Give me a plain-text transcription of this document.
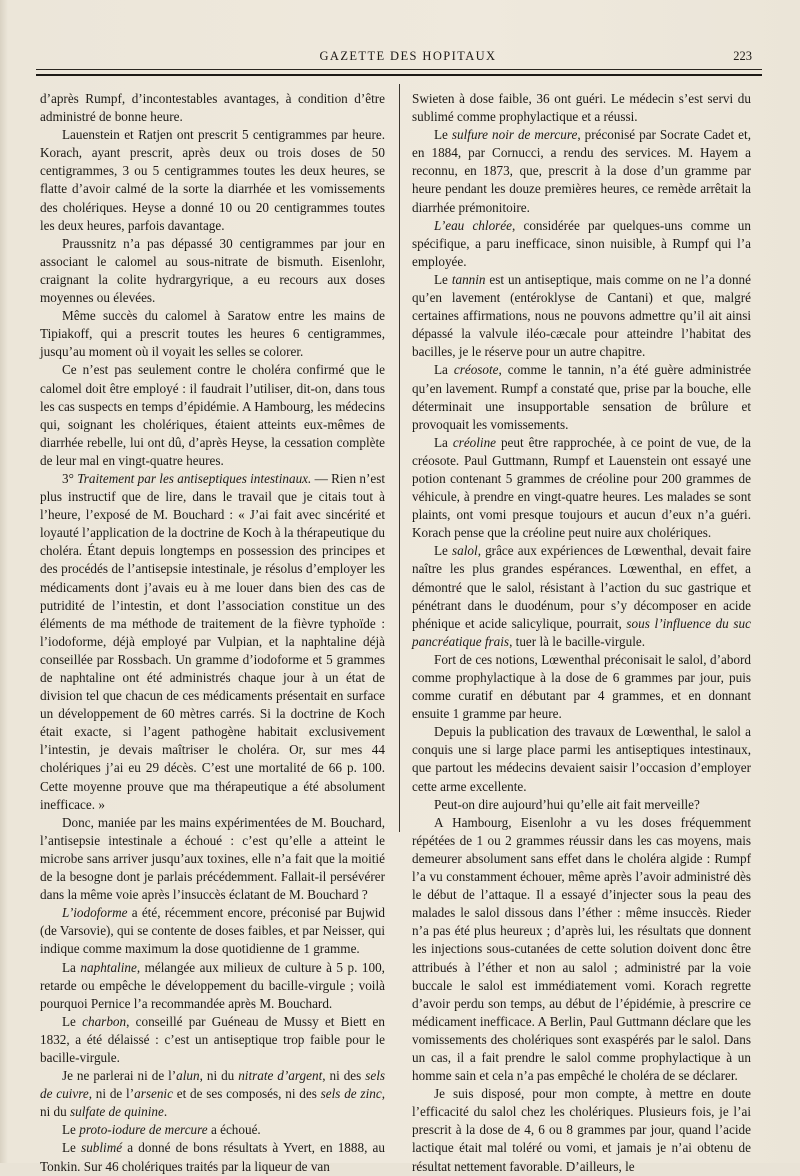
GAZETTE DES HOPITAUX	223

d’après Rumpf, d’incontestables avantages, à condition d’être administré de bonne heure.

Lauenstein et Ratjen ont prescrit 5 centigrammes par heure. Korach, ayant prescrit, après deux ou trois doses de 50 centigrammes, 3 ou 5 centigrammes toutes les deux heures, se flatte d’avoir calmé de la sorte la diarrhée et les vomissements des cholériques. Heyse a donné 10 ou 20 centigrammes toutes les deux heures, parfois davantage.

Praussnitz n’a pas dépassé 30 centigrammes par jour en associant le calomel au sous-nitrate de bismuth. Eisenlohr, craignant la colite hydrargyrique, a eu recours aux doses moyennes ou élevées.

Même succès du calomel à Saratow entre les mains de Tipiakoff, qui a prescrit toutes les heures 6 centigrammes, jusqu’au moment où il voyait les selles se colorer.

Ce n’est pas seulement contre le choléra confirmé que le calomel doit être employé : il faudrait l’utiliser, dit-on, dans tous les cas suspects en temps d’épidémie. A Hambourg, les médecins qui, soignant les cholériques, étaient atteints eux-mêmes de diarrhée rebelle, lui ont dû, d’après Heyse, la cessation complète de leur mal en vingt-quatre heures.

3° Traitement par les antiseptiques intestinaux. — Rien n’est plus instructif que de lire, dans le travail que je citais tout à l’heure, l’exposé de M. Bouchard : « J’ai fait avec sincérité et loyauté l’application de la doctrine de Koch à la thérapeutique du choléra. Étant depuis longtemps en possession des principes et des procédés de l’antisepsie intestinale, je résolus d’employer les médicaments dont j’avais eu à me louer dans bien des cas de putridité de l’intestin, et dont l’association constitue un des éléments de ma méthode de traitement de la fièvre typhoïde : l’iodoforme, déjà employé par Vulpian, et la naphtaline déjà conseillée par Rossbach. Un gramme d’iodoforme et 5 grammes de naphtaline ont été administrés chaque jour à un état de division tel que chacun de ces médicaments présentait en surface un développement de 60 mètres carrés. Si la doctrine de Koch était exacte, si l’agent pathogène habitait exclusivement l’intestin, je devais maîtriser le choléra. Or, sur mes 44 cholériques j’ai eu 29 décès. C’est une mortalité de 66 p. 100. Cette moyenne prouve que ma thérapeutique a été absolument inefficace. »

Donc, maniée par les mains expérimentées de M. Bouchard, l’antisepsie intestinale a échoué : c’est qu’elle a atteint le microbe sans arriver jusqu’aux toxines, elle n’a fait que la moitié de la besogne dont je parlais précédemment. Fallait-il persévérer dans la même voie après l’insuccès éclatant de M. Bouchard ?

L’iodoforme a été, récemment encore, préconisé par Bujwid (de Varsovie), qui se contente de doses faibles, et par Neisser, qui indique comme maximum la dose quotidienne de 1 gramme.

La naphtaline, mélangée aux milieux de culture à 5 p. 100, retarde ou empêche le développement du bacille-virgule ; voilà pourquoi Pernice l’a recommandée après M. Bouchard.

Le charbon, conseillé par Guéneau de Mussy et Biett en 1832, a été délaissé : c’est un antiseptique trop faible pour le bacille-virgule.

Je ne parlerai ni de l’alun, ni du nitrate d’argent, ni des sels de cuivre, ni de l’arsenic et de ses composés, ni des sels de zinc, ni du sulfate de quinine.

Le proto-iodure de mercure a échoué.

Le sublimé a donné de bons résultats à Yvert, en 1888, au Tonkin. Sur 46 cholériques traités par la liqueur de van

Swieten à dose faible, 36 ont guéri. Le médecin s’est servi du sublimé comme prophylactique et a réussi.

Le sulfure noir de mercure, préconisé par Socrate Cadet et, en 1884, par Cornucci, a rendu des services. M. Hayem a reconnu, en 1873, que, prescrit à la dose d’un gramme par heure pendant les douze premières heures, ce remède arrêtait la diarrhée prémonitoire.

L’eau chlorée, considérée par quelques-uns comme un spécifique, a paru inefficace, sinon nuisible, à Rumpf qui l’a employée.

Le tannin est un antiseptique, mais comme on ne l’a donné qu’en lavement (entéroklyse de Cantani) et que, malgré certaines affirmations, nous ne pouvons admettre qu’il ait ainsi dépassé la valvule iléo-cæcale pour atteindre l’habitat des bacilles, je le réserve pour un autre chapitre.

La créosote, comme le tannin, n’a été guère administrée qu’en lavement. Rumpf a constaté que, prise par la bouche, elle déterminait une insupportable sensation de brûlure et provoquait les vomissements.

La créoline peut être rapprochée, à ce point de vue, de la créosote. Paul Guttmann, Rumpf et Lauenstein ont essayé une potion contenant 5 grammes de créoline pour 200 grammes de véhicule, à prendre en vingt-quatre heures. Les malades se sont plaints, ont vomi presque toujours et aucun d’eux n’a guéri. Korach pense que la créoline peut nuire aux cholériques.

Le salol, grâce aux expériences de Lœwenthal, devait faire naître les plus grandes espérances. Lœwenthal, en effet, a démontré que le salol, résistant à l’action du suc gastrique et pénétrant dans le duodénum, pour s’y décomposer en acide phénique et acide salicylique, pourrait, sous l’influence du suc pancréatique frais, tuer là le bacille-virgule.

Fort de ces notions, Lœwenthal préconisait le salol, d’abord comme prophylactique à la dose de 6 grammes par jour, puis comme curatif en débutant par 4 grammes, et en donnant ensuite 1 gramme par heure.

Depuis la publication des travaux de Lœwenthal, le salol a conquis une si large place parmi les antiseptiques intestinaux, que partout les médecins devaient saisir l’occasion d’employer cette arme excellente.

Peut-on dire aujourd’hui qu’elle ait fait merveille?

A Hambourg, Eisenlohr a vu les doses fréquemment répétées de 1 ou 2 grammes réussir dans les cas moyens, mais demeurer absolument sans effet dans le choléra algide : Rumpf l’a vu constamment échouer, même après l’avoir administré dès le début de l’attaque. Il a essayé d’injecter sous la peau des malades le salol dissous dans l’éther : même insuccès. Rieder n’a pas été plus heureux ; d’après lui, les résultats que donnent les injections sous-cutanées de cette solution doivent donc être attribués à l’éther et non au salol ; administré par la voie buccale le salol est immédiatement vomi. Korach regrette d’avoir perdu son temps, au début de l’épidémie, à prescrire ce médicament inefficace. A Berlin, Paul Guttmann déclare que les vomissements des cholériques sont exaspérés par le salol. Dans un cas, il a fait prendre le salol comme prophylactique à un homme sain et cela n’a pas empêché le choléra de se déclarer.

Je suis disposé, pour mon compte, à mettre en doute l’efficacité du salol chez les cholériques. Plusieurs fois, je l’ai prescrit à la dose de 4, 6 ou 8 grammes par jour, quand l’acide lactique était mal toléré ou vomi, et jamais je n’ai obtenu de résultat nettement favorable. D’ailleurs, le
